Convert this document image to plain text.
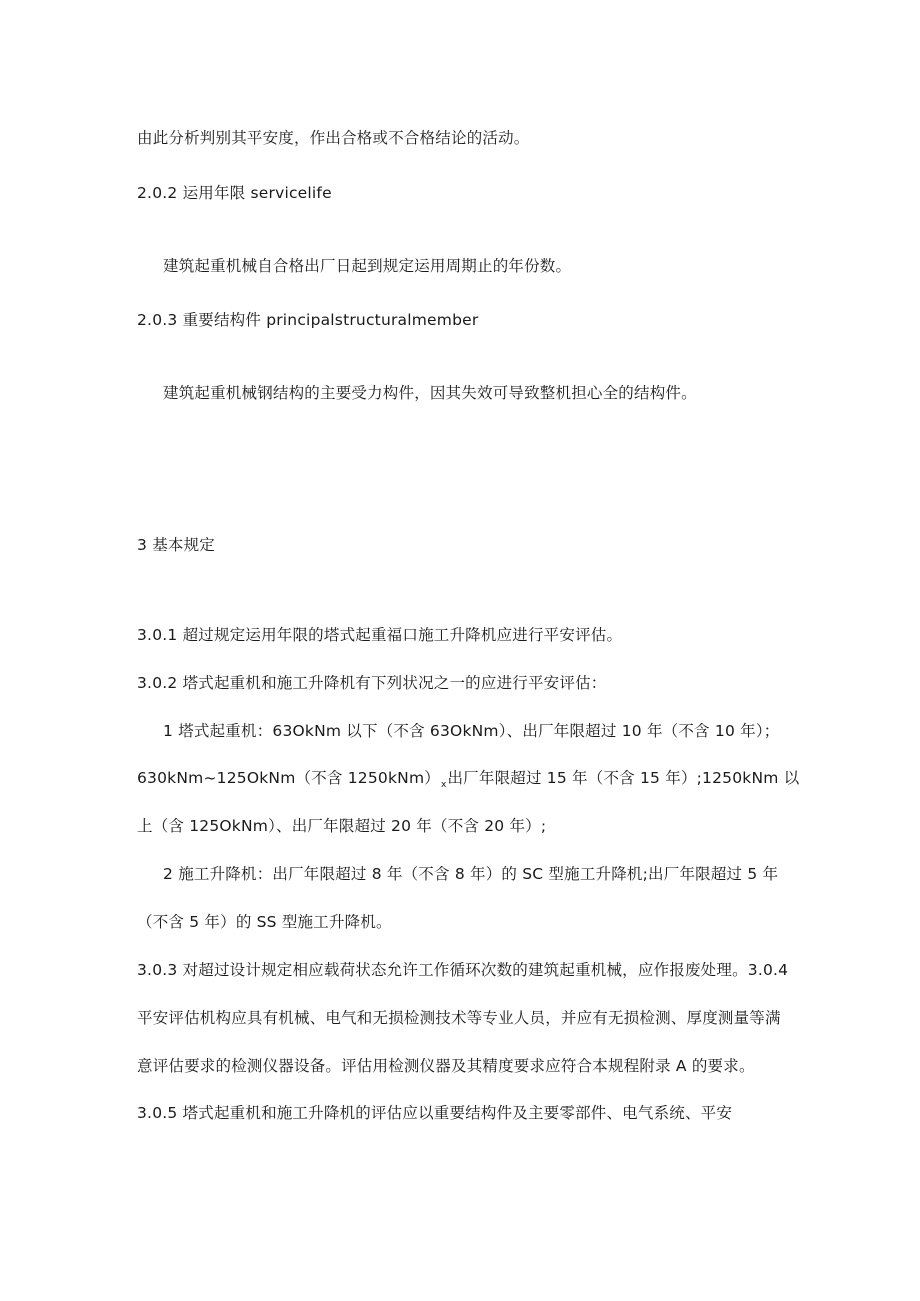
由此分析判别其平安度，作出合格或不合格结论的活动。
2.0.2 运用年限 servicelife
建筑起重机械自合格出厂日起到规定运用周期止的年份数。
2.0.3 重要结构件 principalstructuralmember
建筑起重机械钢结构的主要受力构件，因其失效可导致整机担心全的结构件。
3 基本规定
3.0.1 超过规定运用年限的塔式起重福口施工升降机应进行平安评估。
3.0.2 塔式起重机和施工升降机有下列状况之一的应进行平安评估：
1 塔式起重机：63OkNm 以下（不含 63OkNm）、出厂年限超过 10 年（不含 10 年）；
630kNm~125OkNm（不含 $1250kNm)_x$出厂年限超过 15 年（不含 15 年）;1250kNm 以
上（含 125OkNm）、出厂年限超过 20 年（不含 20 年）;
2 施工升降机：出厂年限超过 8 年（不含 8 年）的 SC 型施工升降机;出厂年限超过 5 年
（不含 5 年）的 SS 型施工升降机。
3.0.3 对超过设计规定相应载荷状态允许工作循环次数的建筑起重机械，应作报废处理。3.0.4
平安评估机构应具有机械、电气和无损检测技术等专业人员，并应有无损检测、厚度测量等满
意评估要求的检测仪器设备。评估用检测仪器及其精度要求应符合本规程附录 A 的要求。
3.0.5 塔式起重机和施工升降机的评估应以重要结构件及主要零部件、电气系统、平安
